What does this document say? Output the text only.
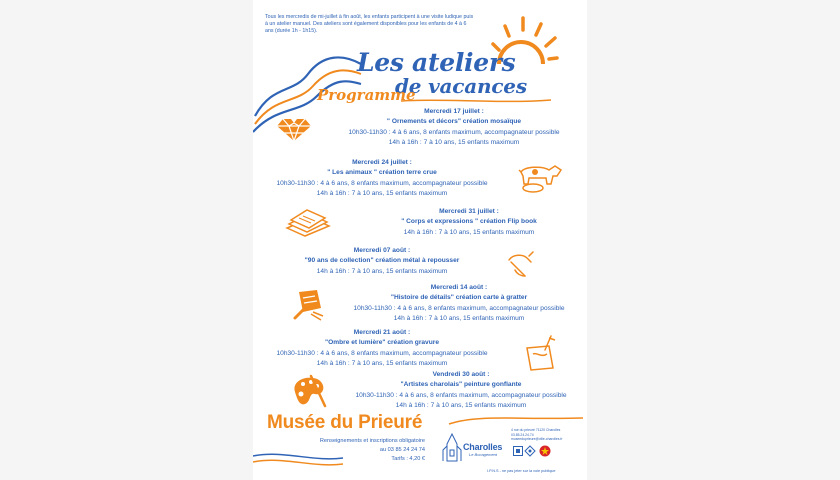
Tous les mercredis de mi-juillet à fin août, les enfants participent à une visite ludique puis à un atelier manuel. Des ateliers sont également disponibles pour les enfants de 4 à 6 ans (durée 1h - 1h15).
Les ateliers
de vacances
Programme
Mercredi 17 juillet :
" Ornements et décors" création mosaïque
10h30-11h30 : 4 à 6 ans, 8 enfants maximum, accompagnateur possible
14h à 16h : 7 à 10 ans, 15 enfants maximum
Mercredi 24 juillet :
" Les animaux " création terre crue
10h30-11h30 : 4 à 6 ans, 8 enfants maximum, accompagnateur possible
14h à 16h : 7 à 10 ans, 15 enfants maximum
Mercredi 31 juillet :
" Corps et expressions " création Flip book
14h à 16h : 7 à 10 ans, 15 enfants maximum
Mercredi 07 août :
"90 ans de collection" création métal à repousser
14h à 16h : 7 à 10 ans, 15 enfants maximum
Mercredi 14 août :
"Histoire de détails" création carte à gratter
10h30-11h30 : 4 à 6 ans, 8 enfants maximum, accompagnateur possible
14h à 16h : 7 à 10 ans, 15 enfants maximum
Mercredi 21 août :
"Ombre et lumière" création gravure
10h30-11h30 : 4 à 6 ans, 8 enfants maximum, accompagnateur possible
14h à 16h : 7 à 10 ans, 15 enfants maximum
Vendredi 30 août :
"Artistes charolais" peinture gonflante
10h30-11h30 : 4 à 6 ans, 8 enfants maximum, accompagnateur possible
14h à 16h : 7 à 10 ans, 15 enfants maximum
Musée du Prieuré
Renseignements et inscriptions obligatoire
au 03 85 24 24 74
Tarifs : 4,20 €
Charolles
Le Bocagement
4 rue du prieuré 71120 Charolles
03.85.24.24.74
museeduprieure@ville-charolles.fr
I.P.N.S - ne pas jeter sur la voie publique
